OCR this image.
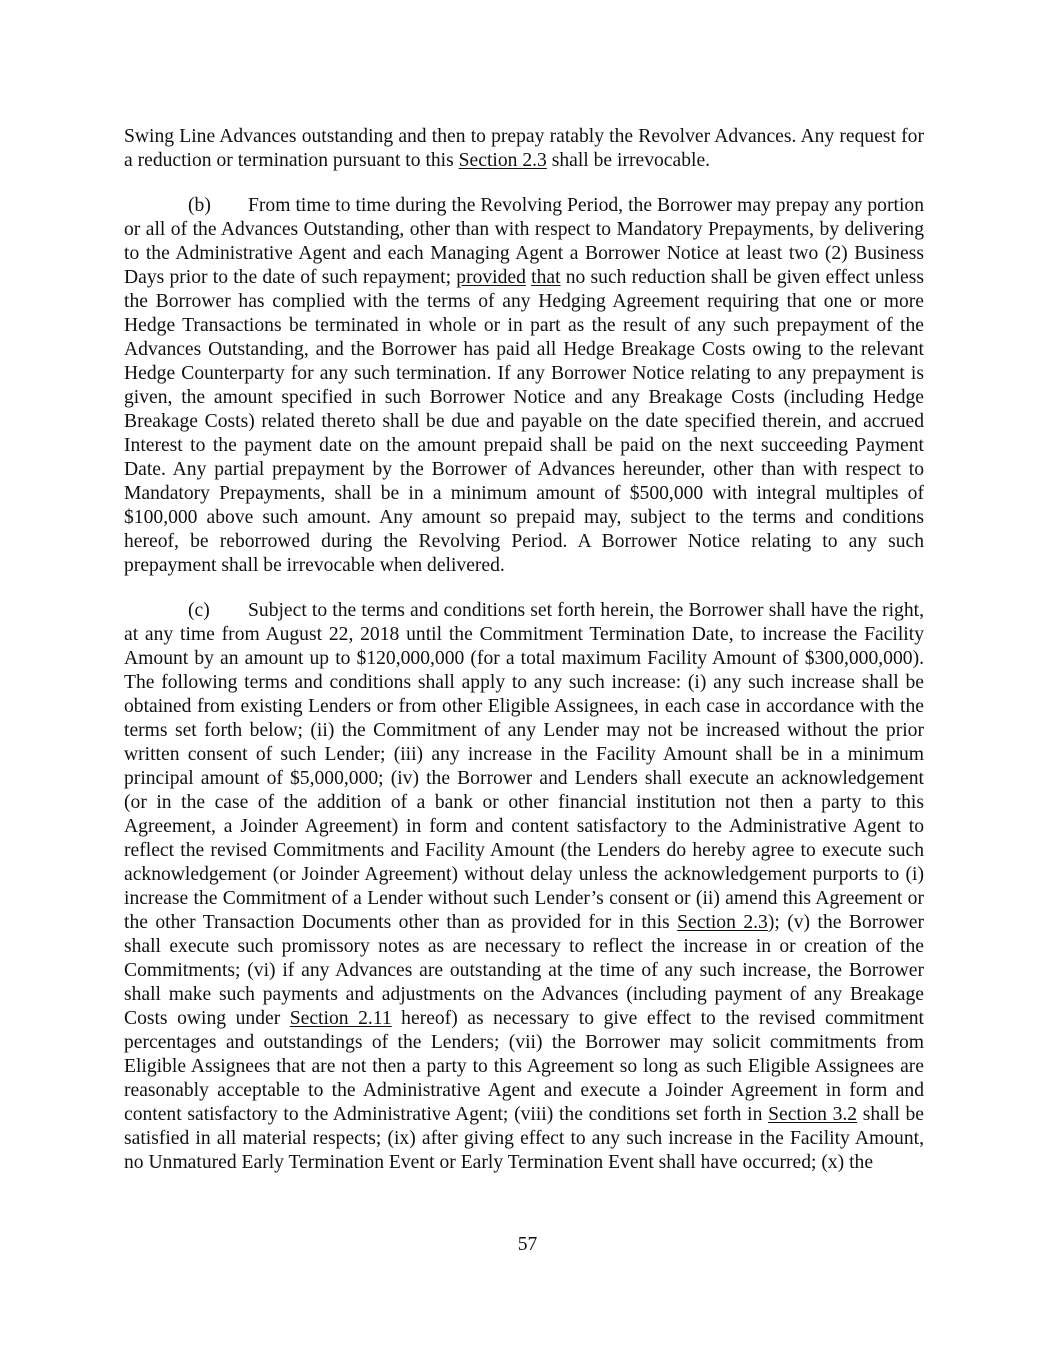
Swing Line Advances outstanding and then to prepay ratably the Revolver Advances. Any request for a reduction or termination pursuant to this Section 2.3 shall be irrevocable.

(b) From time to time during the Revolving Period, the Borrower may prepay any portion or all of the Advances Outstanding, other than with respect to Mandatory Prepayments, by delivering to the Administrative Agent and each Managing Agent a Borrower Notice at least two (2) Business Days prior to the date of such repayment; provided that no such reduction shall be given effect unless the Borrower has complied with the terms of any Hedging Agreement requiring that one or more Hedge Transactions be terminated in whole or in part as the result of any such prepayment of the Advances Outstanding, and the Borrower has paid all Hedge Breakage Costs owing to the relevant Hedge Counterparty for any such termination. If any Borrower Notice relating to any prepayment is given, the amount specified in such Borrower Notice and any Breakage Costs (including Hedge Breakage Costs) related thereto shall be due and payable on the date specified therein, and accrued Interest to the payment date on the amount prepaid shall be paid on the next succeeding Payment Date. Any partial prepayment by the Borrower of Advances hereunder, other than with respect to Mandatory Prepayments, shall be in a minimum amount of $500,000 with integral multiples of $100,000 above such amount. Any amount so prepaid may, subject to the terms and conditions hereof, be reborrowed during the Revolving Period. A Borrower Notice relating to any such prepayment shall be irrevocable when delivered.

(c) Subject to the terms and conditions set forth herein, the Borrower shall have the right, at any time from August 22, 2018 until the Commitment Termination Date, to increase the Facility Amount by an amount up to $120,000,000 (for a total maximum Facility Amount of $300,000,000). The following terms and conditions shall apply to any such increase: (i) any such increase shall be obtained from existing Lenders or from other Eligible Assignees, in each case in accordance with the terms set forth below; (ii) the Commitment of any Lender may not be increased without the prior written consent of such Lender; (iii) any increase in the Facility Amount shall be in a minimum principal amount of $5,000,000; (iv) the Borrower and Lenders shall execute an acknowledgement (or in the case of the addition of a bank or other financial institution not then a party to this Agreement, a Joinder Agreement) in form and content satisfactory to the Administrative Agent to reflect the revised Commitments and Facility Amount (the Lenders do hereby agree to execute such acknowledgement (or Joinder Agreement) without delay unless the acknowledgement purports to (i) increase the Commitment of a Lender without such Lender’s consent or (ii) amend this Agreement or the other Transaction Documents other than as provided for in this Section 2.3); (v) the Borrower shall execute such promissory notes as are necessary to reflect the increase in or creation of the Commitments; (vi) if any Advances are outstanding at the time of any such increase, the Borrower shall make such payments and adjustments on the Advances (including payment of any Breakage Costs owing under Section 2.11 hereof) as necessary to give effect to the revised commitment percentages and outstandings of the Lenders; (vii) the Borrower may solicit commitments from Eligible Assignees that are not then a party to this Agreement so long as such Eligible Assignees are reasonably acceptable to the Administrative Agent and execute a Joinder Agreement in form and content satisfactory to the Administrative Agent; (viii) the conditions set forth in Section 3.2 shall be satisfied in all material respects; (ix) after giving effect to any such increase in the Facility Amount, no Unmatured Early Termination Event or Early Termination Event shall have occurred; (x) the

57
